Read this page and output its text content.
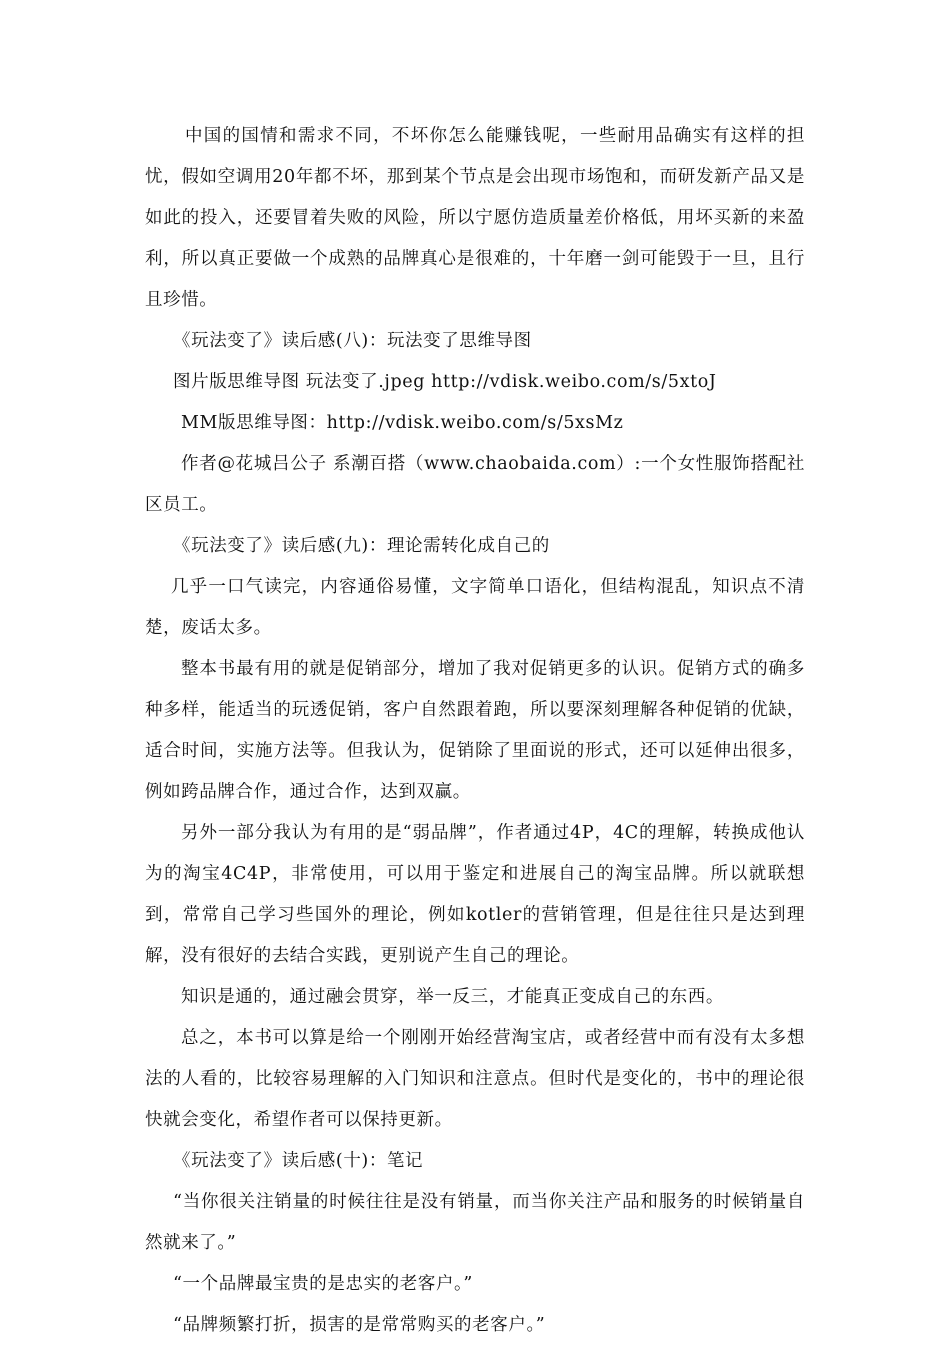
中国的国情和需求不同，不坏你怎么能赚钱呢，一些耐用品确实有这样的担忧，假如空调用20年都不坏，那到某个节点是会出现市场饱和，而研发新产品又是如此的投入，还要冒着失败的风险，所以宁愿仿造质量差价格低，用坏买新的来盈利，所以真正要做一个成熟的品牌真心是很难的，十年磨一剑可能毁于一旦，且行且珍惜。

《玩法变了》读后感(八)：玩法变了思维导图

图片版思维导图 玩法变了.jpeg http://vdisk.weibo.com/s/5xtoJ

MM版思维导图：http://vdisk.weibo.com/s/5xsMz

作者@花城吕公子 系潮百搭（www.chaobaida.com）:一个女性服饰搭配社区员工。

《玩法变了》读后感(九)：理论需转化成自己的

几乎一口气读完，内容通俗易懂，文字简单口语化，但结构混乱，知识点不清楚，废话太多。

整本书最有用的就是促销部分，增加了我对促销更多的认识。促销方式的确多种多样，能适当的玩透促销，客户自然跟着跑，所以要深刻理解各种促销的优缺，适合时间，实施方法等。但我认为，促销除了里面说的形式，还可以延伸出很多，例如跨品牌合作，通过合作，达到双赢。

另外一部分我认为有用的是“弱品牌”，作者通过4P，4C的理解，转换成他认为的淘宝4C4P，非常使用，可以用于鉴定和进展自己的淘宝品牌。所以就联想到，常常自己学习些国外的理论，例如kotler的营销管理，但是往往只是达到理解，没有很好的去结合实践，更别说产生自己的理论。

知识是通的，通过融会贯穿，举一反三，才能真正变成自己的东西。

总之，本书可以算是给一个刚刚开始经营淘宝店，或者经营中而有没有太多想法的人看的，比较容易理解的入门知识和注意点。但时代是变化的，书中的理论很快就会变化，希望作者可以保持更新。

《玩法变了》读后感(十)：笔记

“当你很关注销量的时候往往是没有销量，而当你关注产品和服务的时候销量自然就来了。”

“一个品牌最宝贵的是忠实的老客户。”

“品牌频繁打折，损害的是常常购买的老客户。”
